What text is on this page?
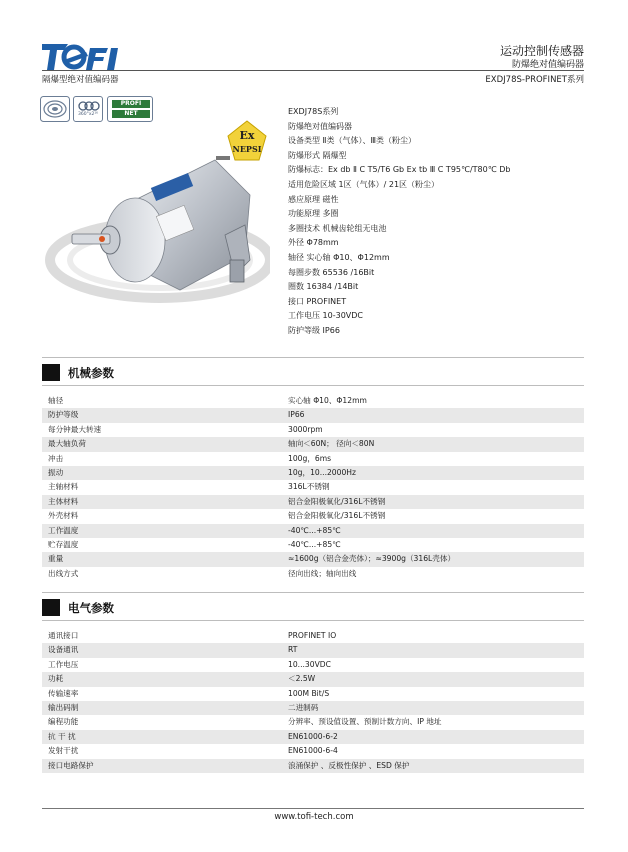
运动控制传感器
防爆绝对值编码器
隔爆型绝对值编码器	EXDJ78S-PROFINET系列
360°x2¹⁶
PROFI
NET
Ex
NEPSI
EXDJ78S系列
防爆绝对值编码器
设备类型 Ⅱ类（气体）、Ⅲ类（粉尘）
防爆形式 隔爆型
防爆标志：Ex db Ⅱ C T5/T6 Gb Ex tb Ⅲ C T95℃/T80℃ Db
适用危险区域 1区（气体）/ 21区（粉尘）
感应原理 磁性
功能原理 多圈
多圈技术 机械齿轮组无电池
外径 Φ78mm
轴径 实心轴 Φ10、Φ12mm
每圈步数 65536 /16Bit
圈数 16384 /14Bit
接口 PROFINET
工作电压 10-30VDC
防护等级 IP66
机械参数
轴径	实心轴 Φ10、Φ12mm
防护等级	IP66
每分钟最大转速	3000rpm
最大轴负荷	轴向＜60N； 径向＜80N
冲击	100g，6ms
振动	10g，10...2000Hz
主轴材料	316L不锈钢
主体材料	铝合金阳极氧化/316L不锈钢
外壳材料	铝合金阳极氧化/316L不锈钢
工作温度	-40℃...+85℃
贮存温度	-40℃...+85℃
重量	≈1600g（铝合金壳体）；≈3900g（316L壳体）
出线方式	径向出线；轴向出线
电气参数
通讯接口	PROFINET IO
设备通讯	RT
工作电压	10...30VDC
功耗	＜2.5W
传输速率	100M Bit/S
输出码制	二进制码
编程功能	分辨率、预设值设置、预制计数方向、IP 地址
抗 干 扰	EN61000-6-2
发射干扰	EN61000-6-4
接口电路保护	浪涌保护 、反极性保护 、ESD 保护
www.tofi-tech.com
